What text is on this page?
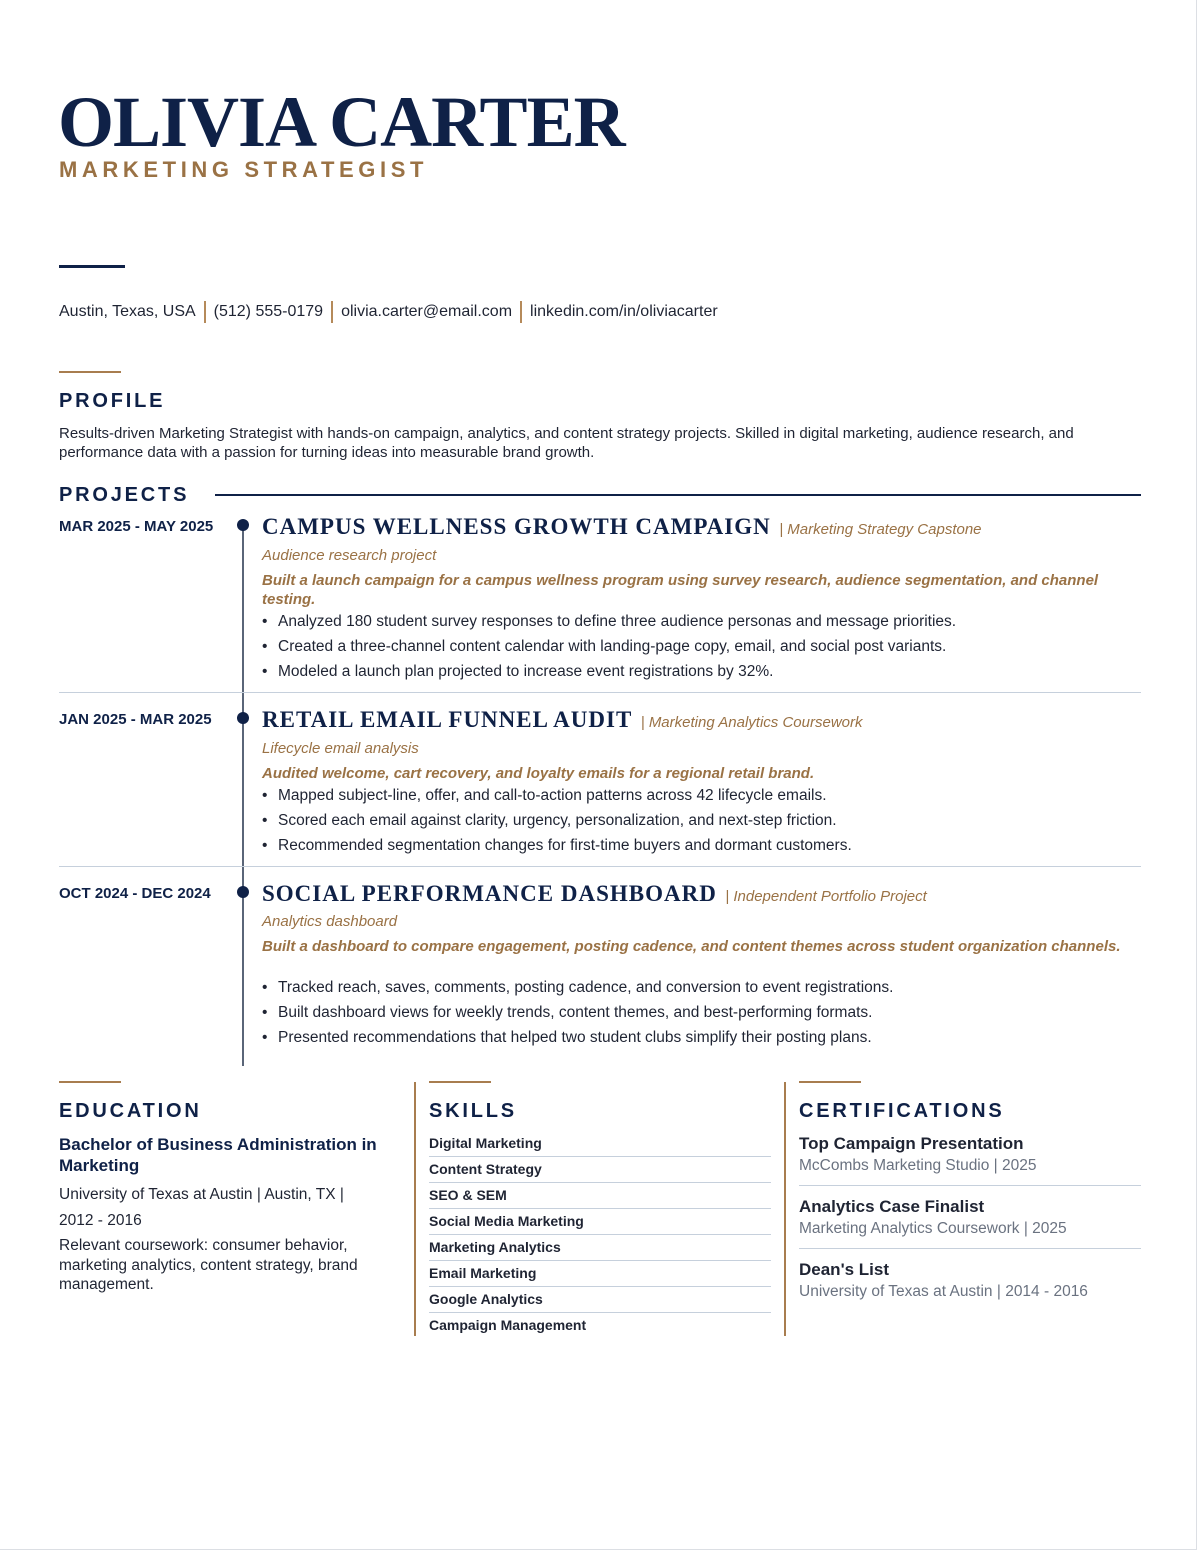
OLIVIA CARTER
MARKETING STRATEGIST
Austin, Texas, USA (512) 555-0179 olivia.carter@email.com linkedin.com/in/oliviacarter
PROFILE
Results-driven Marketing Strategist with hands-on campaign, analytics, and content strategy projects. Skilled in digital marketing, audience research, and performance data with a passion for turning ideas into measurable brand growth.
PROJECTS
MAR 2025 - MAY 2025 CAMPUS WELLNESS GROWTH CAMPAIGN | Marketing Strategy Capstone
Audience research project
Built a launch campaign for a campus wellness program using survey research, audience segmentation, and channel testing.
• Analyzed 180 student survey responses to define three audience personas and message priorities.
• Created a three-channel content calendar with landing-page copy, email, and social post variants.
• Modeled a launch plan projected to increase event registrations by 32%.
JAN 2025 - MAR 2025	RETAIL EMAIL FUNNEL AUDIT | Marketing Analytics Coursework
Lifecycle email analysis
Audited welcome, cart recovery, and loyalty emails for a regional retail brand.
• Mapped subject-line, offer, and call-to-action patterns across 42 lifecycle emails.
• Scored each email against clarity, urgency, personalization, and next-step friction.
• Recommended segmentation changes for first-time buyers and dormant customers.
OCT 2024 - DEC 2024	SOCIAL PERFORMANCE DASHBOARD | Independent Portfolio Project
Analytics dashboard
Built a dashboard to compare engagement, posting cadence, and content themes across student organization channels.
• Tracked reach, saves, comments, posting cadence, and conversion to event registrations.
• Built dashboard views for weekly trends, content themes, and best-performing formats.
• Presented recommendations that helped two student clubs simplify their posting plans.
EDUCATION
Bachelor of Business Administration in Marketing
University of Texas at Austin | Austin, TX |
2012 - 2016
Relevant coursework: consumer behavior, marketing analytics, content strategy, brand management.
SKILLS
Digital Marketing
Content Strategy
SEO & SEM
Social Media Marketing
Marketing Analytics
Email Marketing
Google Analytics
Campaign Management
CERTIFICATIONS
Top Campaign Presentation
McCombs Marketing Studio | 2025
Analytics Case Finalist
Marketing Analytics Coursework | 2025
Dean's List
University of Texas at Austin | 2014 - 2016
